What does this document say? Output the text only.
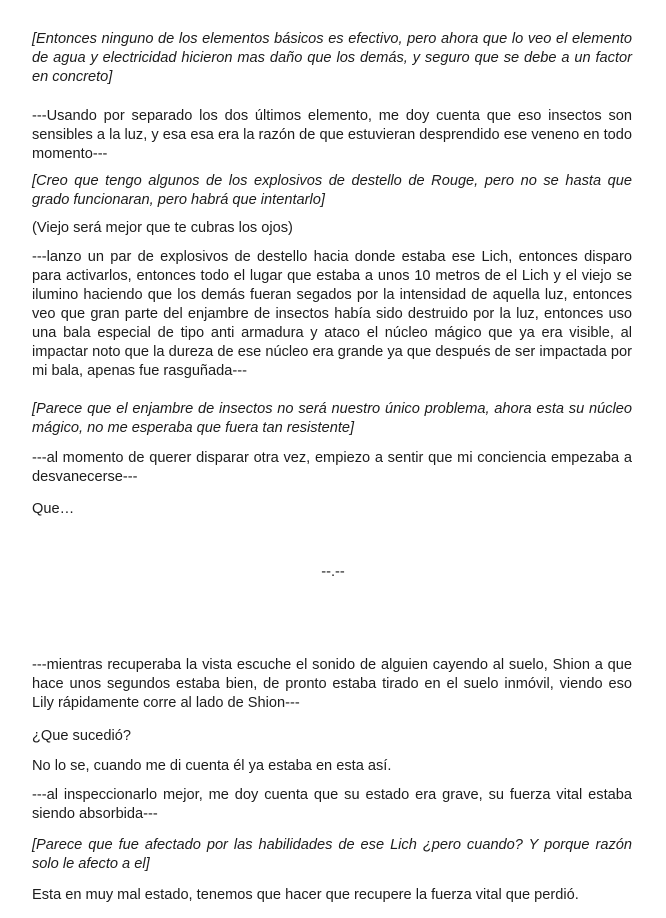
[Entonces ninguno de los elementos básicos es efectivo, pero ahora que lo veo el elemento de agua y electricidad hicieron mas daño que los demás, y seguro que se debe a un factor en concreto]

---Usando por separado los dos últimos elemento, me doy cuenta que eso insectos son sensibles a la luz, y esa esa era la razón de que estuvieran desprendido ese veneno en todo momento---

[Creo que tengo algunos de los explosivos de destello de Rouge, pero no se hasta que grado funcionaran, pero habrá que intentarlo]

(Viejo será mejor que te cubras los ojos)

---lanzo un par de explosivos de destello hacia donde estaba ese Lich, entonces disparo para activarlos, entonces todo el lugar que estaba a unos 10 metros de el Lich y el viejo se ilumino haciendo que los demás fueran segados por la intensidad de aquella luz, entonces veo que gran parte del enjambre de insectos había sido destruido por la luz, entonces uso una bala especial de tipo anti armadura y ataco el núcleo mágico que ya era visible, al impactar noto que la dureza de ese núcleo era grande ya que después de ser impactada por mi bala, apenas fue rasguñada---

[Parece que el enjambre de insectos no será nuestro único problema, ahora esta su núcleo mágico, no me esperaba que fuera tan resistente]

---al momento de querer disparar otra vez, empiezo a sentir que mi conciencia empezaba a desvanecerse---

Que…

--.--

---mientras recuperaba la vista escuche el sonido de alguien cayendo al suelo, Shion a que hace unos segundos estaba bien, de pronto estaba tirado en el suelo inmóvil, viendo eso Lily rápidamente corre al lado de Shion---

¿Que sucedió?

No lo se, cuando me di cuenta él ya estaba en esta así.

---al inspeccionarlo mejor, me doy cuenta que su estado era grave, su fuerza vital estaba siendo absorbida---

[Parece que fue afectado por las habilidades de ese Lich ¿pero cuando? Y porque razón solo le afecto a el]

Esta en muy mal estado, tenemos que hacer que recupere la fuerza vital que perdió.
